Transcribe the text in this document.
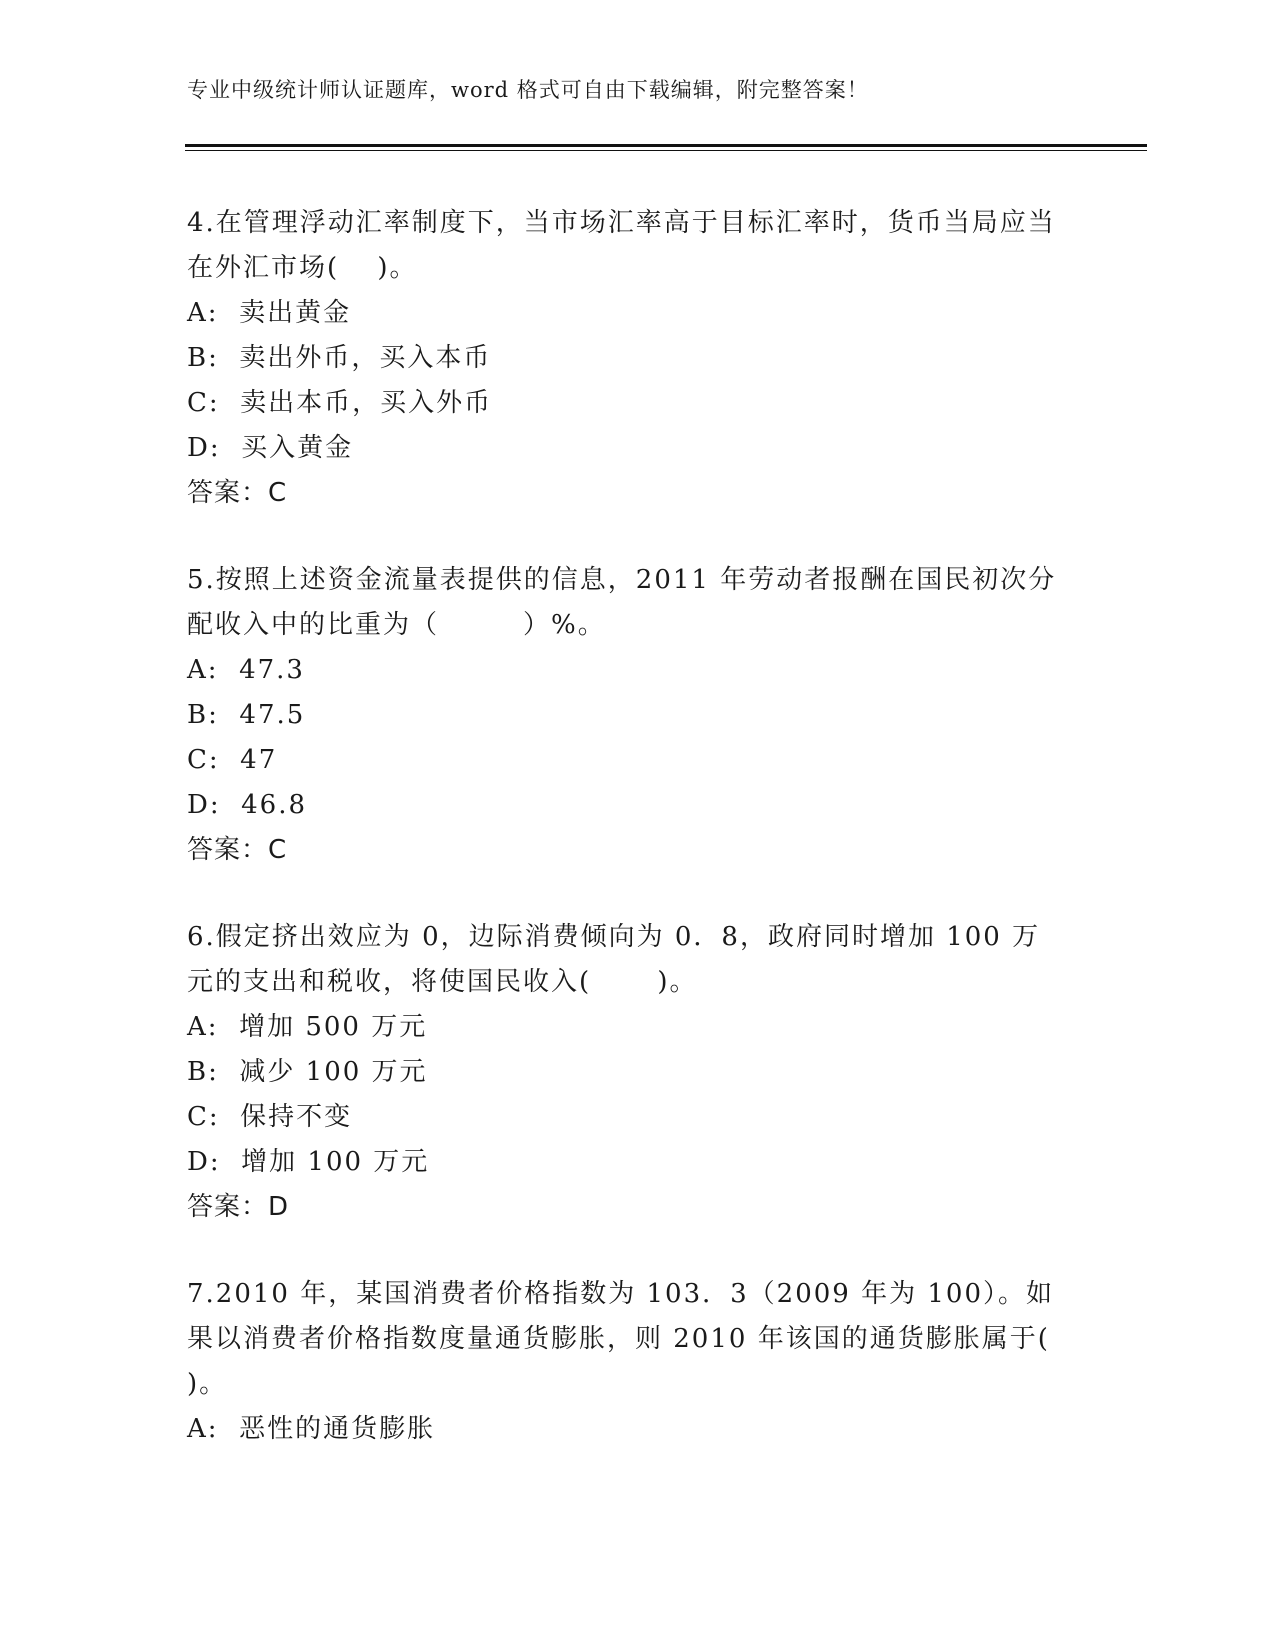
专业中级统计师认证题库，word 格式可自由下载编辑，附完整答案！

4.在管理浮动汇率制度下，当市场汇率高于目标汇率时，货币当局应当在外汇市场(　 )。

A:  卖出黄金
B:  卖出外币，买入本币
C:  卖出本币，买入外币
D:  买入黄金
答案：C

5.按照上述资金流量表提供的信息，2011 年劳动者报酬在国民初次分配收入中的比重为（　　　）%。

A:  47.3
B:  47.5
C:  47
D:  46.8
答案：C

6.假定挤出效应为 0，边际消费倾向为 0．8，政府同时增加 100 万元的支出和税收，将使国民收入(　 　)。

A:  增加 500 万元
B:  减少 100 万元
C:  保持不变
D:  增加 100 万元
答案：D

7.2010 年，某国消费者价格指数为 103．3（2009 年为 100）。如果以消费者价格指数度量通货膨胀，则 2010 年该国的通货膨胀属于(　 　)。

A:  恶性的通货膨胀
